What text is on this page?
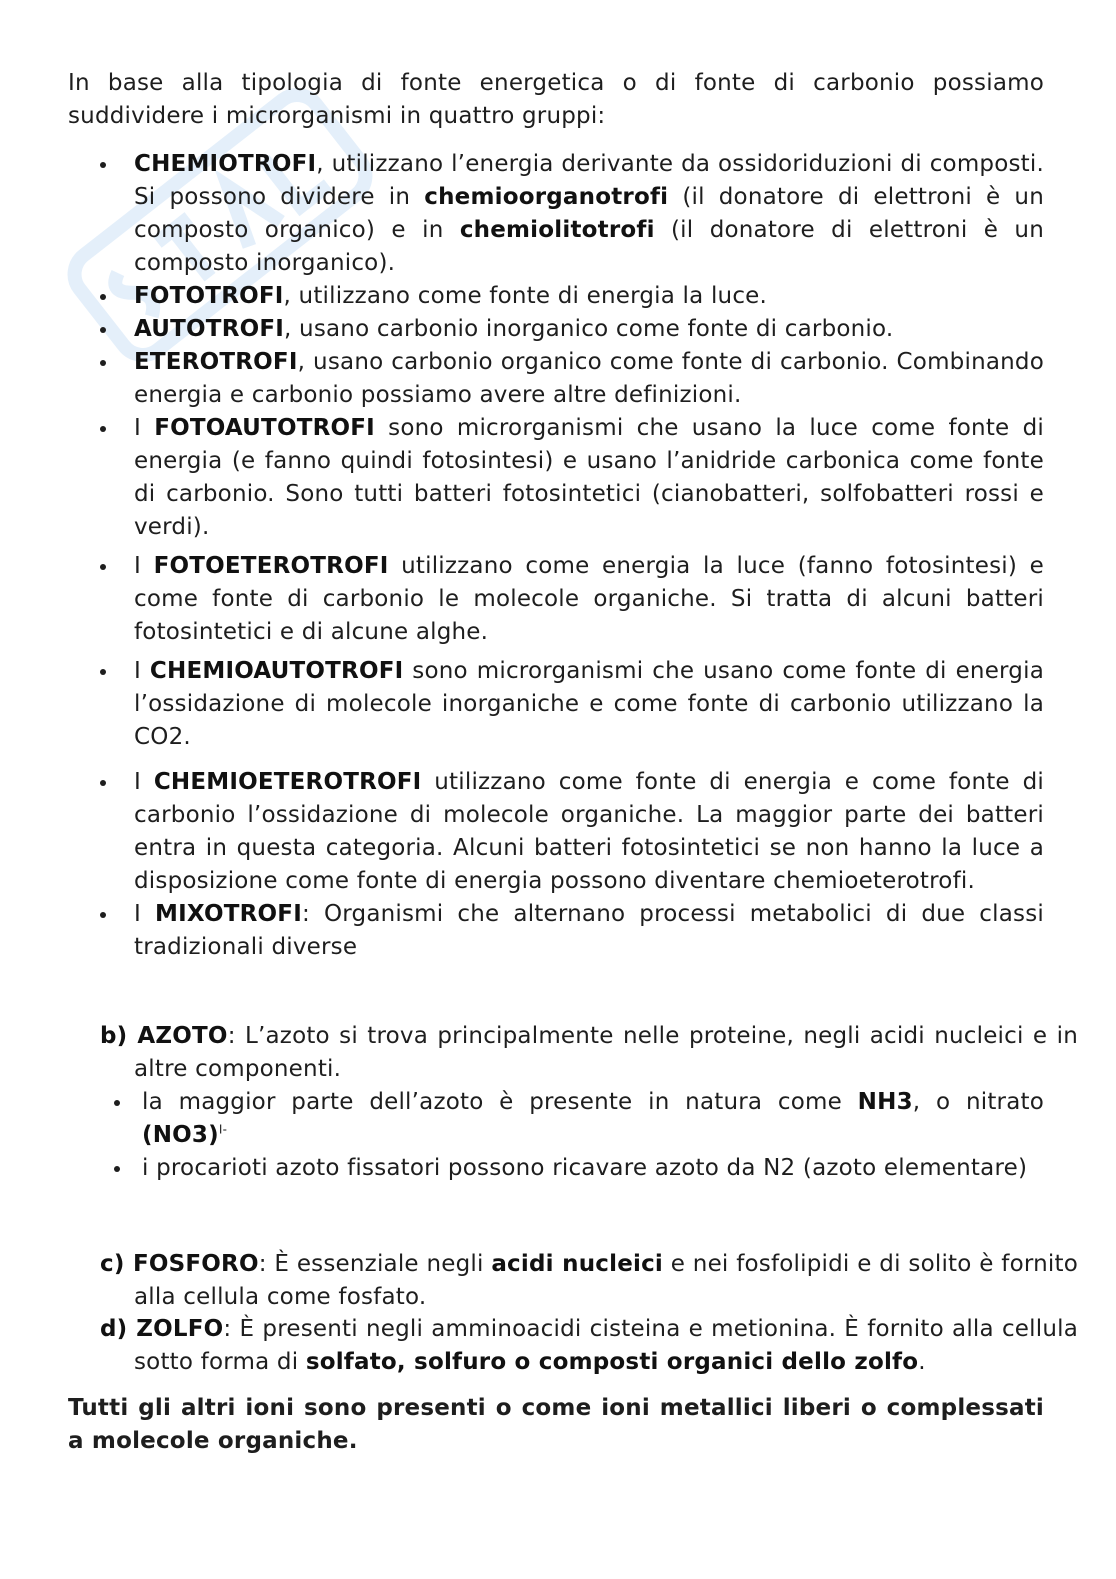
In base alla tipologia di fonte energetica o di fonte di carbonio possiamo suddividere i microrganismi in quattro gruppi:

CHEMIOTROFI, utilizzano l’energia derivante da ossidoriduzioni di composti. Si possono dividere in chemioorganotrofi (il donatore di elettroni è un composto organico) e in chemiolitotrofi (il donatore di elettroni è un composto inorganico).
FOTOTROFI, utilizzano come fonte di energia la luce.
AUTOTROFI, usano carbonio inorganico come fonte di carbonio.
ETEROTROFI, usano carbonio organico come fonte di carbonio. Combinando energia e carbonio possiamo avere altre definizioni.
I FOTOAUTOTROFI sono microrganismi che usano la luce come fonte di energia (e fanno quindi fotosintesi) e usano l’anidride carbonica come fonte di carbonio. Sono tutti batteri fotosintetici (cianobatteri, solfobatteri rossi e verdi).
I FOTOETEROTROFI utilizzano come energia la luce (fanno fotosintesi) e come fonte di carbonio le molecole organiche. Si tratta di alcuni batteri fotosintetici e di alcune alghe.
I CHEMIOAUTOTROFI sono microrganismi che usano come fonte di energia l’ossidazione di molecole inorganiche e come fonte di carbonio utilizzano la CO2.
I CHEMIOETEROTROFI utilizzano come fonte di energia e come fonte di carbonio l’ossidazione di molecole organiche. La maggior parte dei batteri entra in questa categoria. Alcuni batteri fotosintetici se non hanno la luce a disposizione come fonte di energia possono diventare chemioeterotrofi.
I MIXOTROFI: Organismi che alternano processi metabolici di due classi tradizionali diverse

b) AZOTO: L’azoto si trova principalmente nelle proteine, negli acidi nucleici e in altre componenti.

la maggior parte dell’azoto è presente in natura come NH3, o nitrato $(NO3)^{I-}$
i procarioti azoto fissatori possono ricavare azoto da N2 (azoto elementare)

c) FOSFORO: È essenziale negli acidi nucleici e nei fosfolipidi e di solito è fornito alla cellula come fosfato.

d) ZOLFO: È presenti negli amminoacidi cisteina e metionina. È fornito alla cellula sotto forma di solfato, solfuro o composti organici dello zolfo.

Tutti gli altri ioni sono presenti o come ioni metallici liberi o complessati a molecole organiche.
